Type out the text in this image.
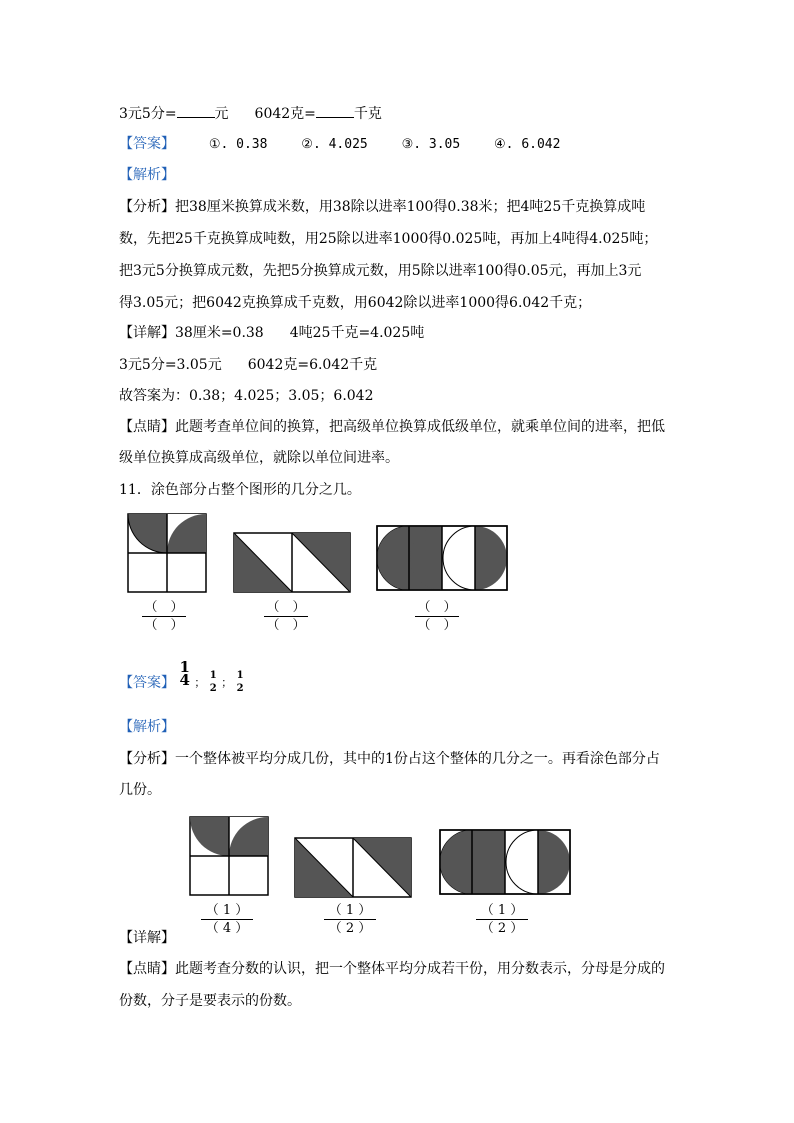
3元5分=	元 6042克=	千克
【答案】	①. 0.38	②. 4.025	③. 3.05	④. 6.042
【解析】
【分析】把38厘米换算成米数，用38除以进率100得0.38米；把4吨25千克换算成吨
数，先把25千克换算成吨数，用25除以进率1000得0.025吨，再加上4吨得4.025吨；
把3元5分换算成元数，先把5分换算成元数，用5除以进率100得0.05元，再加上3元
得3.05元；把6042克换算成千克数，用6042除以进率1000得6.042千克；
【详解】38厘米=0.38 4吨25千克=4.025吨
3元5分=3.05元 6042克=6.042千克
故答案为：0.38；4.025；3.05；6.042
【点睛】此题考查单位间的换算，把高级单位换算成低级单位，就乘单位间的进率，把低
级单位换算成高级单位，就除以单位间进率。
11．涂色部分占整个图形的几分之几。
（　）
（　）
（　）
（　）
（　）
（　）
【答案】
1
4 ；
1
2 ；
1
2
【解析】
【分析】一个整体被平均分成几份，其中的1份占这个整体的几分之一。再看涂色部分占
几份。
（ 1 ）
（ 4 ）
（ 1 ）
（ 2 ）
（ 1 ）
（ 2 ）
【详解】
【点睛】此题考查分数的认识，把一个整体平均分成若干份，用分数表示，分母是分成的
份数，分子是要表示的份数。
